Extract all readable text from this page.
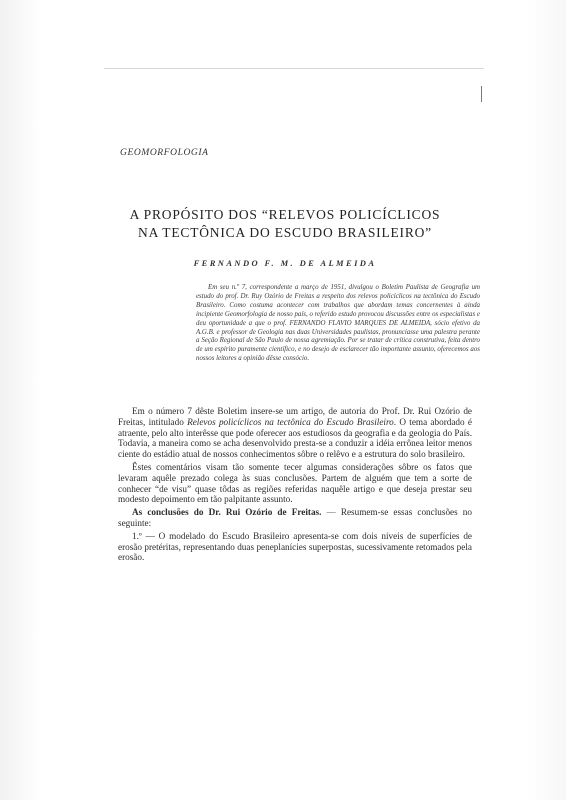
GEOMORFOLOGIA
A PROPÓSITO DOS “RELEVOS POLICÍCLICOS
NA TECTÔNICA DO ESCUDO BRASILEIRO”
FERNANDO F. M. DE ALMEIDA

Em seu n.º 7, correspondente a março de 1951, divulgou o Boletim Paulista de Geografia um estudo do prof. Dr. Ruy Ozório de Freitas a respeito dos relevos policíclicos na tectônica do Escudo Brasileiro. Como costuma acontecer com trabalhos que abordam temas concernentes à ainda incipiente Geomorfologia de nosso país, o referido estudo provocou discussões entre os especialistas e deu oportunidade a que o prof. FERNANDO FLAVIO MARQUES DE ALMEIDA, sócio efetivo da A.G.B. e professor de Geologia nas duas Universidades paulistas, pronunciasse uma palestra perante a Seção Regional de São Paulo de nossa agremiação. Por se tratar de crítica construtiva, feita dentro de um espírito puramente científico, e no desejo de esclarecer tão importante assunto, oferecemos aos nossos leitores a opinião dêsse consócio.

Em o número 7 dêste Boletim insere-se um artigo, de autoria do Prof. Dr. Rui Ozório de Freitas, intitulado Relevos policíclicos na tectônica do Escudo Brasileiro. O tema abordado é atraente, pelo alto interêsse que pode oferecer aos estudiosos da geografia e da geologia do País. Todavia, a maneira como se acha desenvolvido presta-se a conduzir a idéia errônea leitor menos ciente do estádio atual de nossos conhecimentos sôbre o relêvo e a estrutura do solo brasileiro.

Êstes comentários visam tão somente tecer algumas considerações sôbre os fatos que levaram aquêle prezado colega às suas conclusões. Partem de alguém que tem a sorte de conhecer “de visu” quase tôdas as regiões referidas naquêle artigo e que deseja prestar seu modesto depoimento em tão palpitante assunto.

As conclusões do Dr. Rui Ozório de Freitas. — Resumem-se essas conclusões no seguinte:

1.º — O modelado do Escudo Brasileiro apresenta-se com dois níveis de superfícies de erosão pretéritas, representando duas peneplanícies superpostas, sucessivamente retomados pela erosão.
